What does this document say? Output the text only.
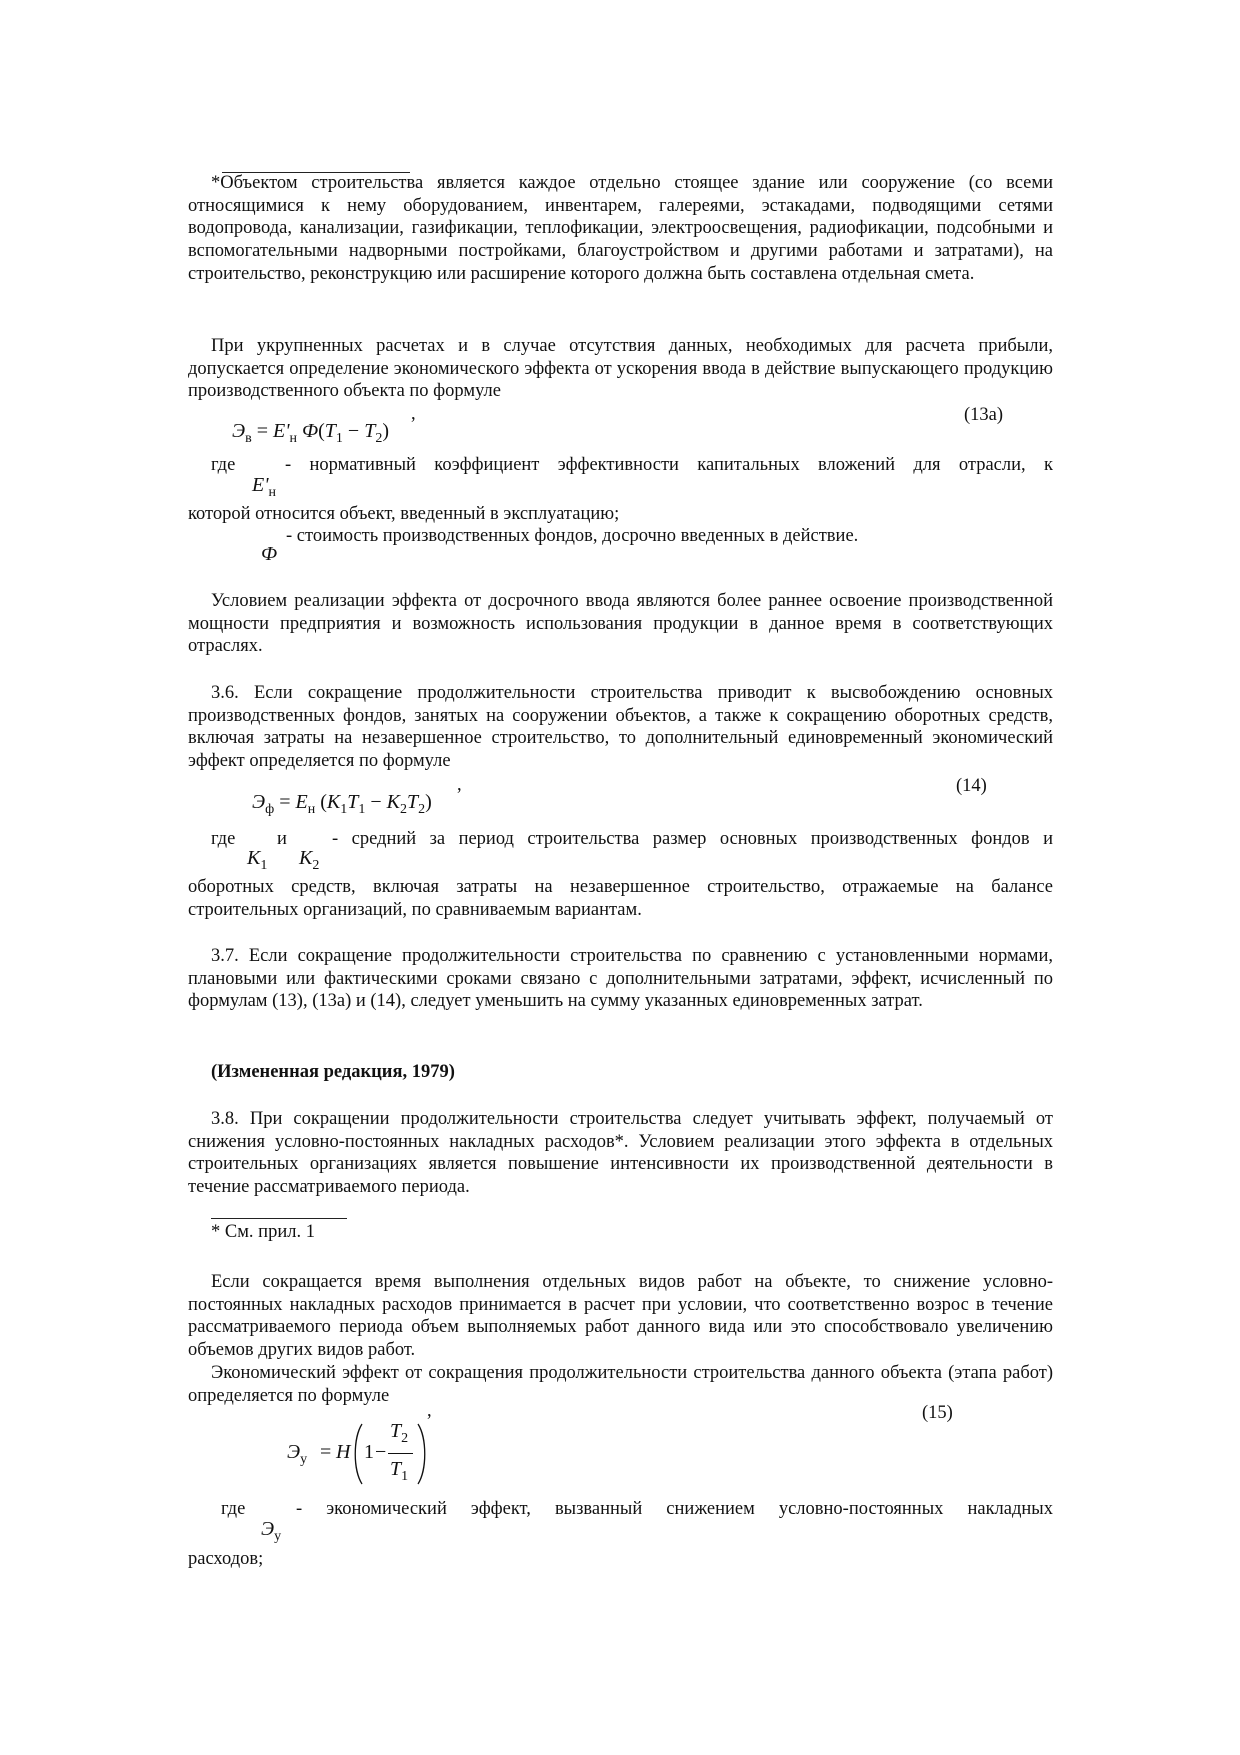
*Объектом строительства является каждое отдельно стоящее здание или сооружение (со всеми относящимися к нему оборудованием, инвентарем, галереями, эстакадами, подводящими сетями водопровода, канализации, газификации, теплофикации, электроосвещения, радиофикации, подсобными и вспомогательными надворными постройками, благоустройством и другими работами и затратами), на строительство, реконструкцию или расширение которого должна быть составлена отдельная смета.

При укрупненных расчетах и в случае отсутствия данных, необходимых для расчета прибыли, допускается определение экономического эффекта от ускорения ввода в действие выпускающего продукцию производственного объекта по формуле

$Э_в = E'_н$ $Ф(T_1 - T_2)$
,	(13а)
где	- нормативный коэффициент эффективности капитальных вложений для отрасли, к
$E'_н$
которой относится объект, введенный в эксплуатацию;
- стоимость производственных фондов, досрочно введенных в действие.
Ф

Условием реализации эффекта от досрочного ввода являются более раннее освоение производственной мощности предприятия и возможность использования продукции в данное время в соответствующих отраслях.

3.6. Если сокращение продолжительности строительства приводит к высвобождению основных производственных фондов, занятых на сооружении объектов, а также к сокращению оборотных средств, включая затраты на незавершенное строительство, то дополнительный единовременный экономический эффект определяется по формуле

$Э_ф = E_н$ $(K_1T_1 - K_2T_2)$
,	(14)
где и - средний за период строительства размер основных производственных фондов и
$K_1$ $K_2$

оборотных средств, включая затраты на незавершенное строительство, отражаемые на балансе строительных организаций, по сравниваемым вариантам.

3.7. Если сокращение продолжительности строительства по сравнению с установленными нормами, плановыми или фактическими сроками связано с дополнительными затратами, эффект, исчисленный по формулам (13), (13а) и (14), следует уменьшить на сумму указанных единовременных затрат.

(Измененная редакция, 1979)

3.8. При сокращении продолжительности строительства следует учитывать эффект, получаемый от снижения условно-постоянных накладных расходов*. Условием реализации этого эффекта в отдельных строительных организациях является повышение интенсивности их производственной деятельности в течение рассматриваемого периода.

* См. прил. 1

Если сокращается время выполнения отдельных видов работ на объекте, то снижение условно-постоянных накладных расходов принимается в расчет при условии, что соответственно возрос в течение рассматриваемого периода объем выполняемых работ данного вида или это способствовало увеличению объемов других видов работ.

Экономический эффект от сокращения продолжительности строительства данного объекта (этапа работ) определяется по формуле

,	(15)
$Э_у = H$ 1 −
$T_2$
$T_1$
где	- экономический эффект, вызванный снижением условно-постоянных накладных
$Э_у$
расходов;
